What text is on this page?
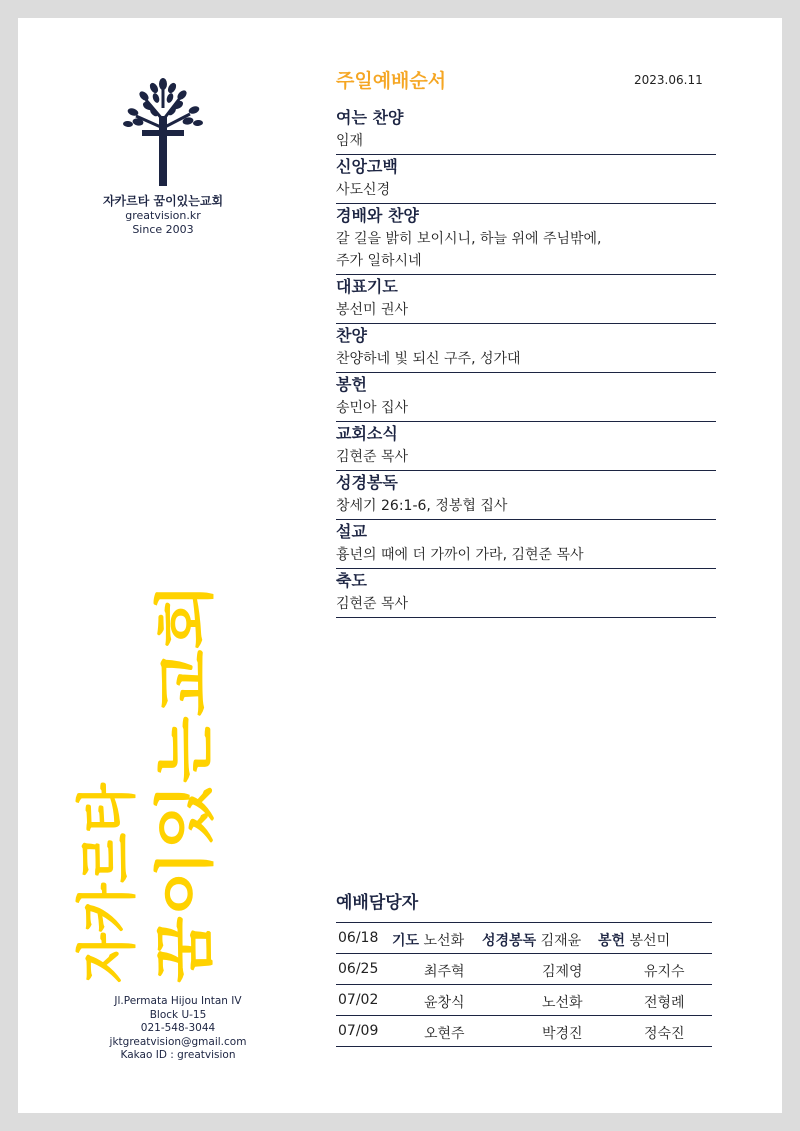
자카르타 꿈이있는교회
greatvision.kr
Since 2003
자카르타 꿈이있는교회
Jl.Permata Hijou Intan IV
Block U-15
021-548-3044
jktgreatvision@gmail.com
Kakao ID : greatvision
주일예배순서	2023.06.11
여는 찬양
임재
신앙고백
사도신경
경배와 찬양
갈 길을 밝히 보이시니, 하늘 위에 주님밖에,
주가 일하시네
대표기도
봉선미 권사
찬양
찬양하네 빛 되신 구주, 성가대
봉헌
송민아 집사
교회소식
김현준 목사
성경봉독
창세기 26:1-6, 정봉협 집사
설교
흉년의 때에 더 가까이 가라, 김현준 목사
축도
김현준 목사
예배담당자
06/18 기도 노선화 성경봉독 김재윤 봉헌 봉선미
06/25	최주혁	김제영	유지수
07/02	윤창식	노선화	전형례
07/09	오현주	박경진	정숙진
